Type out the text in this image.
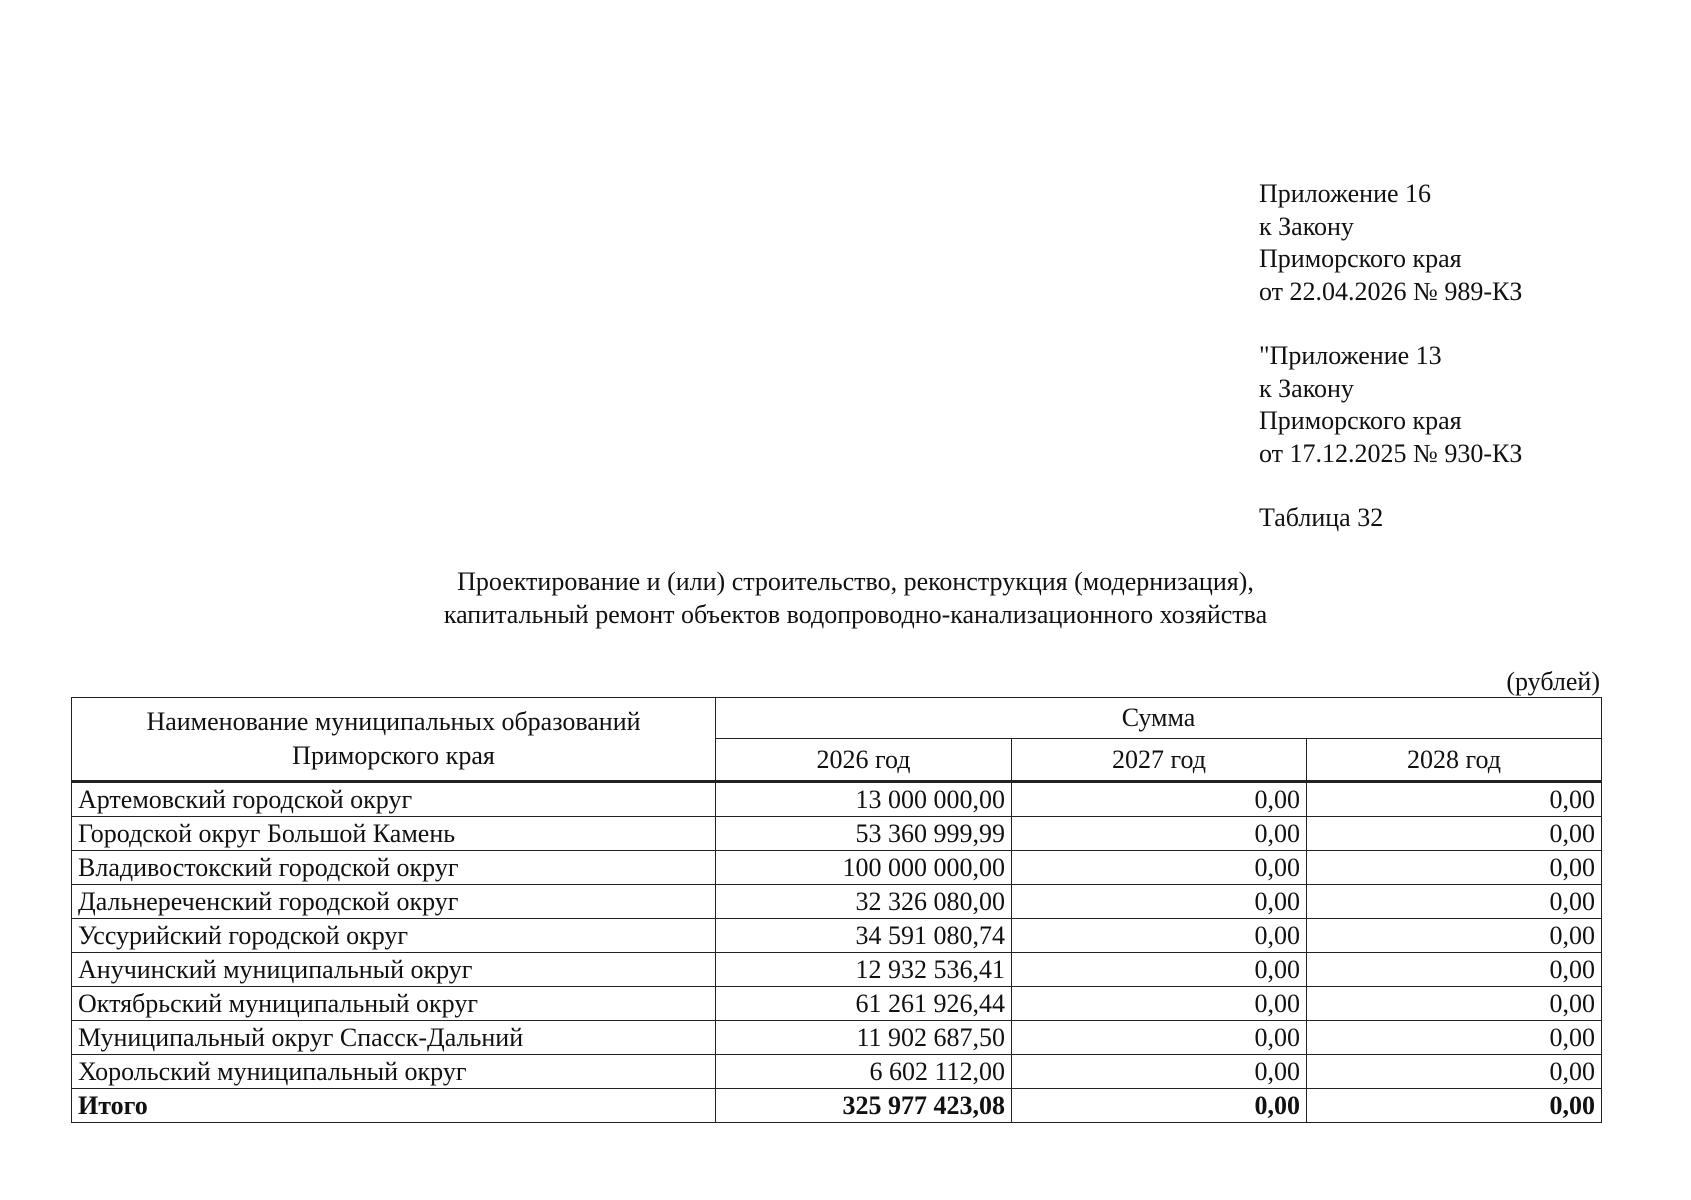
Приложение 16
к Закону
Приморского края
от 22.04.2026 № 989-КЗ
"Приложение 13
к Закону
Приморского края
от 17.12.2025 № 930-КЗ
Таблица 32
Проектирование и (или) строительство, реконструкция (модернизация),
капитальный ремонт объектов водопроводно-канализационного хозяйства
(рублей)
Наименование муниципальных образований Приморского края	Сумма		
	2026 год	2027 год	2028 год
Артемовский городской округ	13 000 000,00	0,00	0,00
Городской округ Большой Камень	53 360 999,99	0,00	0,00
Владивостокский городской округ	100 000 000,00	0,00	0,00
Дальнереченский городской округ	32 326 080,00	0,00	0,00
Уссурийский городской округ	34 591 080,74	0,00	0,00
Анучинский муниципальный округ	12 932 536,41	0,00	0,00
Октябрьский муниципальный округ	61 261 926,44	0,00	0,00
Муниципальный округ Спасск-Дальний	11 902 687,50	0,00	0,00
Хорольский муниципальный округ	6 602 112,00	0,00	0,00
Итого	325 977 423,08	0,00	0,00
